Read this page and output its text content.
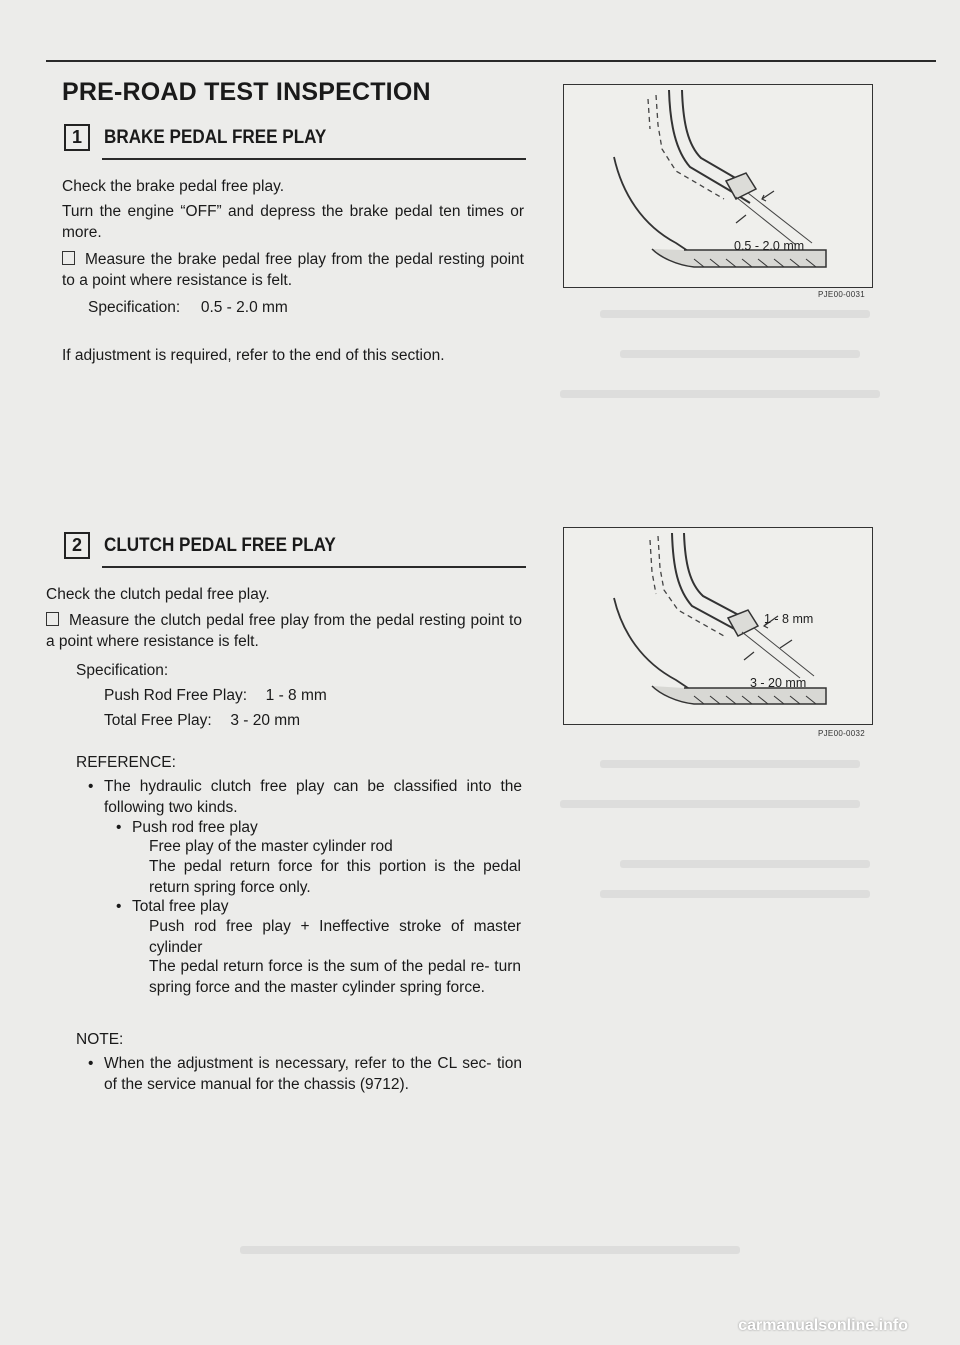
PRE-ROAD TEST INSPECTION
1	BRAKE PEDAL FREE PLAY
Check the brake pedal free play.
Turn the engine “OFF” and depress the brake pedal ten times or more.
Measure the brake pedal free play from the pedal resting point to a point where resistance is felt.
Specification: 0.5 - 2.0 mm
If adjustment is required, refer to the end of this section.
0.5 - 2.0 mm
PJE00-0031
2	CLUTCH PEDAL FREE PLAY
Check the clutch pedal free play.
Measure the clutch pedal free play from the pedal resting point to a point where resistance is felt.
Specification:
Push Rod Free Play: 1 - 8 mm
Total Free Play: 3 - 20 mm
1 - 8 mm
3 - 20 mm
PJE00-0032
REFERENCE:
• The hydraulic clutch free play can be classified into the following two kinds.
• Push rod free play
Free play of the master cylinder rod
The pedal return force for this portion is the pedal return spring force only.
• Total free play
Push rod free play + Ineffective stroke of master cylinder
The pedal return force is the sum of the pedal re- turn spring force and the master cylinder spring force.
NOTE:
• When the adjustment is necessary, refer to the CL sec- tion of the service manual for the chassis (9712).
carmanualsonline.info
